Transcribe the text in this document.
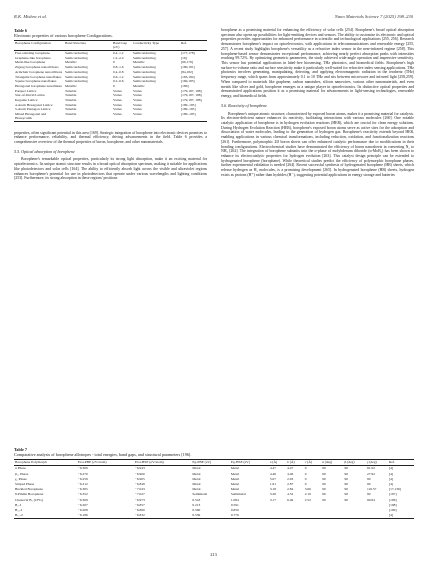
R.K. Mishra et al.	Nano Materials Science 7 (2025) 198–230
Table 6
Electronic properties of various borophene Configurations.
Borophene Configuration	Band Structure	Band Gap (eV)	Conductivity Type	Ref.
Free-standing borophene	Semiconducting	0.4–1.2	Semiconducting	[177,178]
Graphene-like borophene	Semiconducting	1.2–2.4	Semiconducting	[16]
Metal-like borophene	Metallic	0	Metallic	[90,179]
Zigzag borophene nanoribbons	Semiconducting	0.8–1.6	Semiconducting	[180,181]
Armchair borophene nanoribbons	Semiconducting	0.4–0.8	Semiconducting	[84,182]
Triangular borophene nanoflakes	Semiconducting	0.6–1.2	Semiconducting	[183,184]
Square borophene nanoflakes	Semiconducting	0.2–0.6	Semiconducting	[169,185]
Hexagonal borophene nanoflakes	Metallic	0	Metallic	[186]
Parquet Lattice	Tunable	Varies	Varies	[179,187, 188]
Star-of-David Lattice	Tunable	Varies	Varies	[179,187, 188]
Kagome Lattice	Tunable	Varies	Varies	[179,187, 188]
4-Atom Hexagonal Lattice	Tunable	Varies	Varies	[189–195]
5-Atom Pentagon Lattice	Tunable	Varies	Varies	[189–195]
Mixed Hexagonal and Honeycomb	Tunable	Varies	Varies	[189–195]

properties, often significant potential in this area [169]. Strategic integration of borophene into electronic devices promises to enhance performance, reliability, and thermal efficiency, driving advancements in the field. Table 6 provides a comprehensive overview of the thermal properties of boron, borophene, and other nanomaterials.

5.5. Optical absorption of borophene

Borophene's remarkable optical properties, particularly its strong light absorption, make it an exciting material for optoelectronics. Its unique atomic structure results in a broad optical absorption spectrum, making it suitable for applications like photodetectors and solar cells [164]. The ability to efficiently absorb light across the visible and ultraviolet regions enhances borophene's potential for use in photodetectors that operate under various wavelengths and lighting conditions [253]. Furthermore, its strong absorption in these regions' positions

borophene as a promising material for enhancing the efficiency of solar cells [254]. Borophene's broad optical absorption spectrum also opens up possibilities for light-emitting devices and sensors. The ability to customise its electronic and optical properties provides opportunities for enhanced performance in scientific and technological applications [255, 256]. Research demonstrates borophene's impact on optoelectronics, with applications in telecommunications and renewable energy [255, 257]. A recent study highlights borophene's versatility as a refractive index sensor in the near-infrared regime [258]. This borophene-based sensor demonstrates exceptional performance, achieving nearly perfect absorption peaks with intensities reaching 99.72%. By optimizing geometric parameters, the study achieved wide-angle operation and impressive sensitivity. This sensor has potential applications in label-free biosensing, THz photonics, and biomedical fields. Borophene's high surface-to-volume ratio and surface sensitivity make it particularly well-suited for refractive index sensing applications. THz photonics involves generating, manipulating, detecting, and applying electromagnetic radiation in the terahertz (THz) frequency range, which spans from approximately 0.1 to 10 THz and sits between microwave and infrared light [258,259]. When compared to materials like graphene, carbon nanotubes, silicon nanowires, various other nanomaterials, and even metals like silver and gold, borophene emerges as a unique player in optoelectronics. Its distinctive optical properties and demonstrated applications position it as a promising material for advancements in light-sensing technologies, renewable energy, and biomedical fields.

5.6. Reactivity of borophene

Borophene's unique atomic structure, characterized by exposed boron atoms, makes it a promising material for catalysis. Its electron-deficient nature enhances its reactivity, facilitating interactions with various molecules [260]. One notable catalytic application of borophene is in hydrogen evolution reactions (HER), which are crucial for clean energy solutions. During Hydrogen Evolution Reaction (HER), borophene's exposed boron atoms serve as active sites for the adsorption and dissociation of water molecules, leading to the generation of hydrogen gas. Borophene's reactivity extends beyond HER, enabling applications in various chemical transformations, including reduction, oxidation, and functionalization reactions [261]. Furthermore, polymorphic 2D boron sheets can offer enhanced catalytic performance due to modifications in their bonding configurations. Electrochemical studies have demonstrated the efficiency of boron nanosheets in converting N₂ to NH₃ [262]. The integration of borophene subunits into the α-phase of molybdenum diboride (α-MoB₂) has been shown to enhance its electrocatalytic properties for hydrogen evolution [263]. This catalyst design principle can be extended to hydrogenated borophene (borophane). While theoretical studies predict the efficiency of polymorphic borophane phases, further experimental validation is needed [264]. Recent successful synthesis of hydrogenated borophene (HB) sheets, which release hydrogen as H₂ molecules, is a promising development [265]. In hydrogenated borophene (HB) sheets, hydrogen exists as protons (H⁺) rather than hydrides (H⁻), suggesting potential applications in energy storage and batteries

Table 7
Comparative analysis of borophene allotropes - total energies, band gaps, and structural parameters [196].
Borophene Polymorph	Etot-PBE (eV/atom)	Etot-HSE (eV/atom)	Eg-PBE (eV)	Eg-HSE (eV)	a (Å)	b (Å)	c (Å)	α (deg)	β (deg)	γ (deg)	Ref.
α Phase	−6.306	−6.943	Metal	Metal	4.47	4.47	0	90	90	81.92	[4]
β₁₂ Phase	−6.270	−6.900	Metal	Metal	4.46	4.46	0	90	90	27.92	[4]
χ₃ Phase	−6.259	−6.905	Metal	Metal	5.07	2.93	0	90	90	90	[4]
Striped Phase	−6.212	−6.849	Metal	Metal	1.61	2.87	0	90	90	90	[4]
Buckled Borophene	−6.365	−7.043	Metal	Metal	3.18	2.84	3.06	90	90	116.57	[17,136]
8-Pmmn Borophene	−6.352	−7.027	Semimetal	Semimetal	3.26	4.52	2.19	90	90	90	[197]
Chenevix B₂ (CFG)	−6.309	−6.973	0.543	1.084	3.17	6.49	2.52	90	90	90.84	[196]
B₂-I	−6.207	−6.857	0.213	0.591							[198]
B₁₈-I	−6.208	−6.860	0.560	0.850							[199]
B₁₂-2	−6.186	−6.832	0.539	0.776							[4]
213
